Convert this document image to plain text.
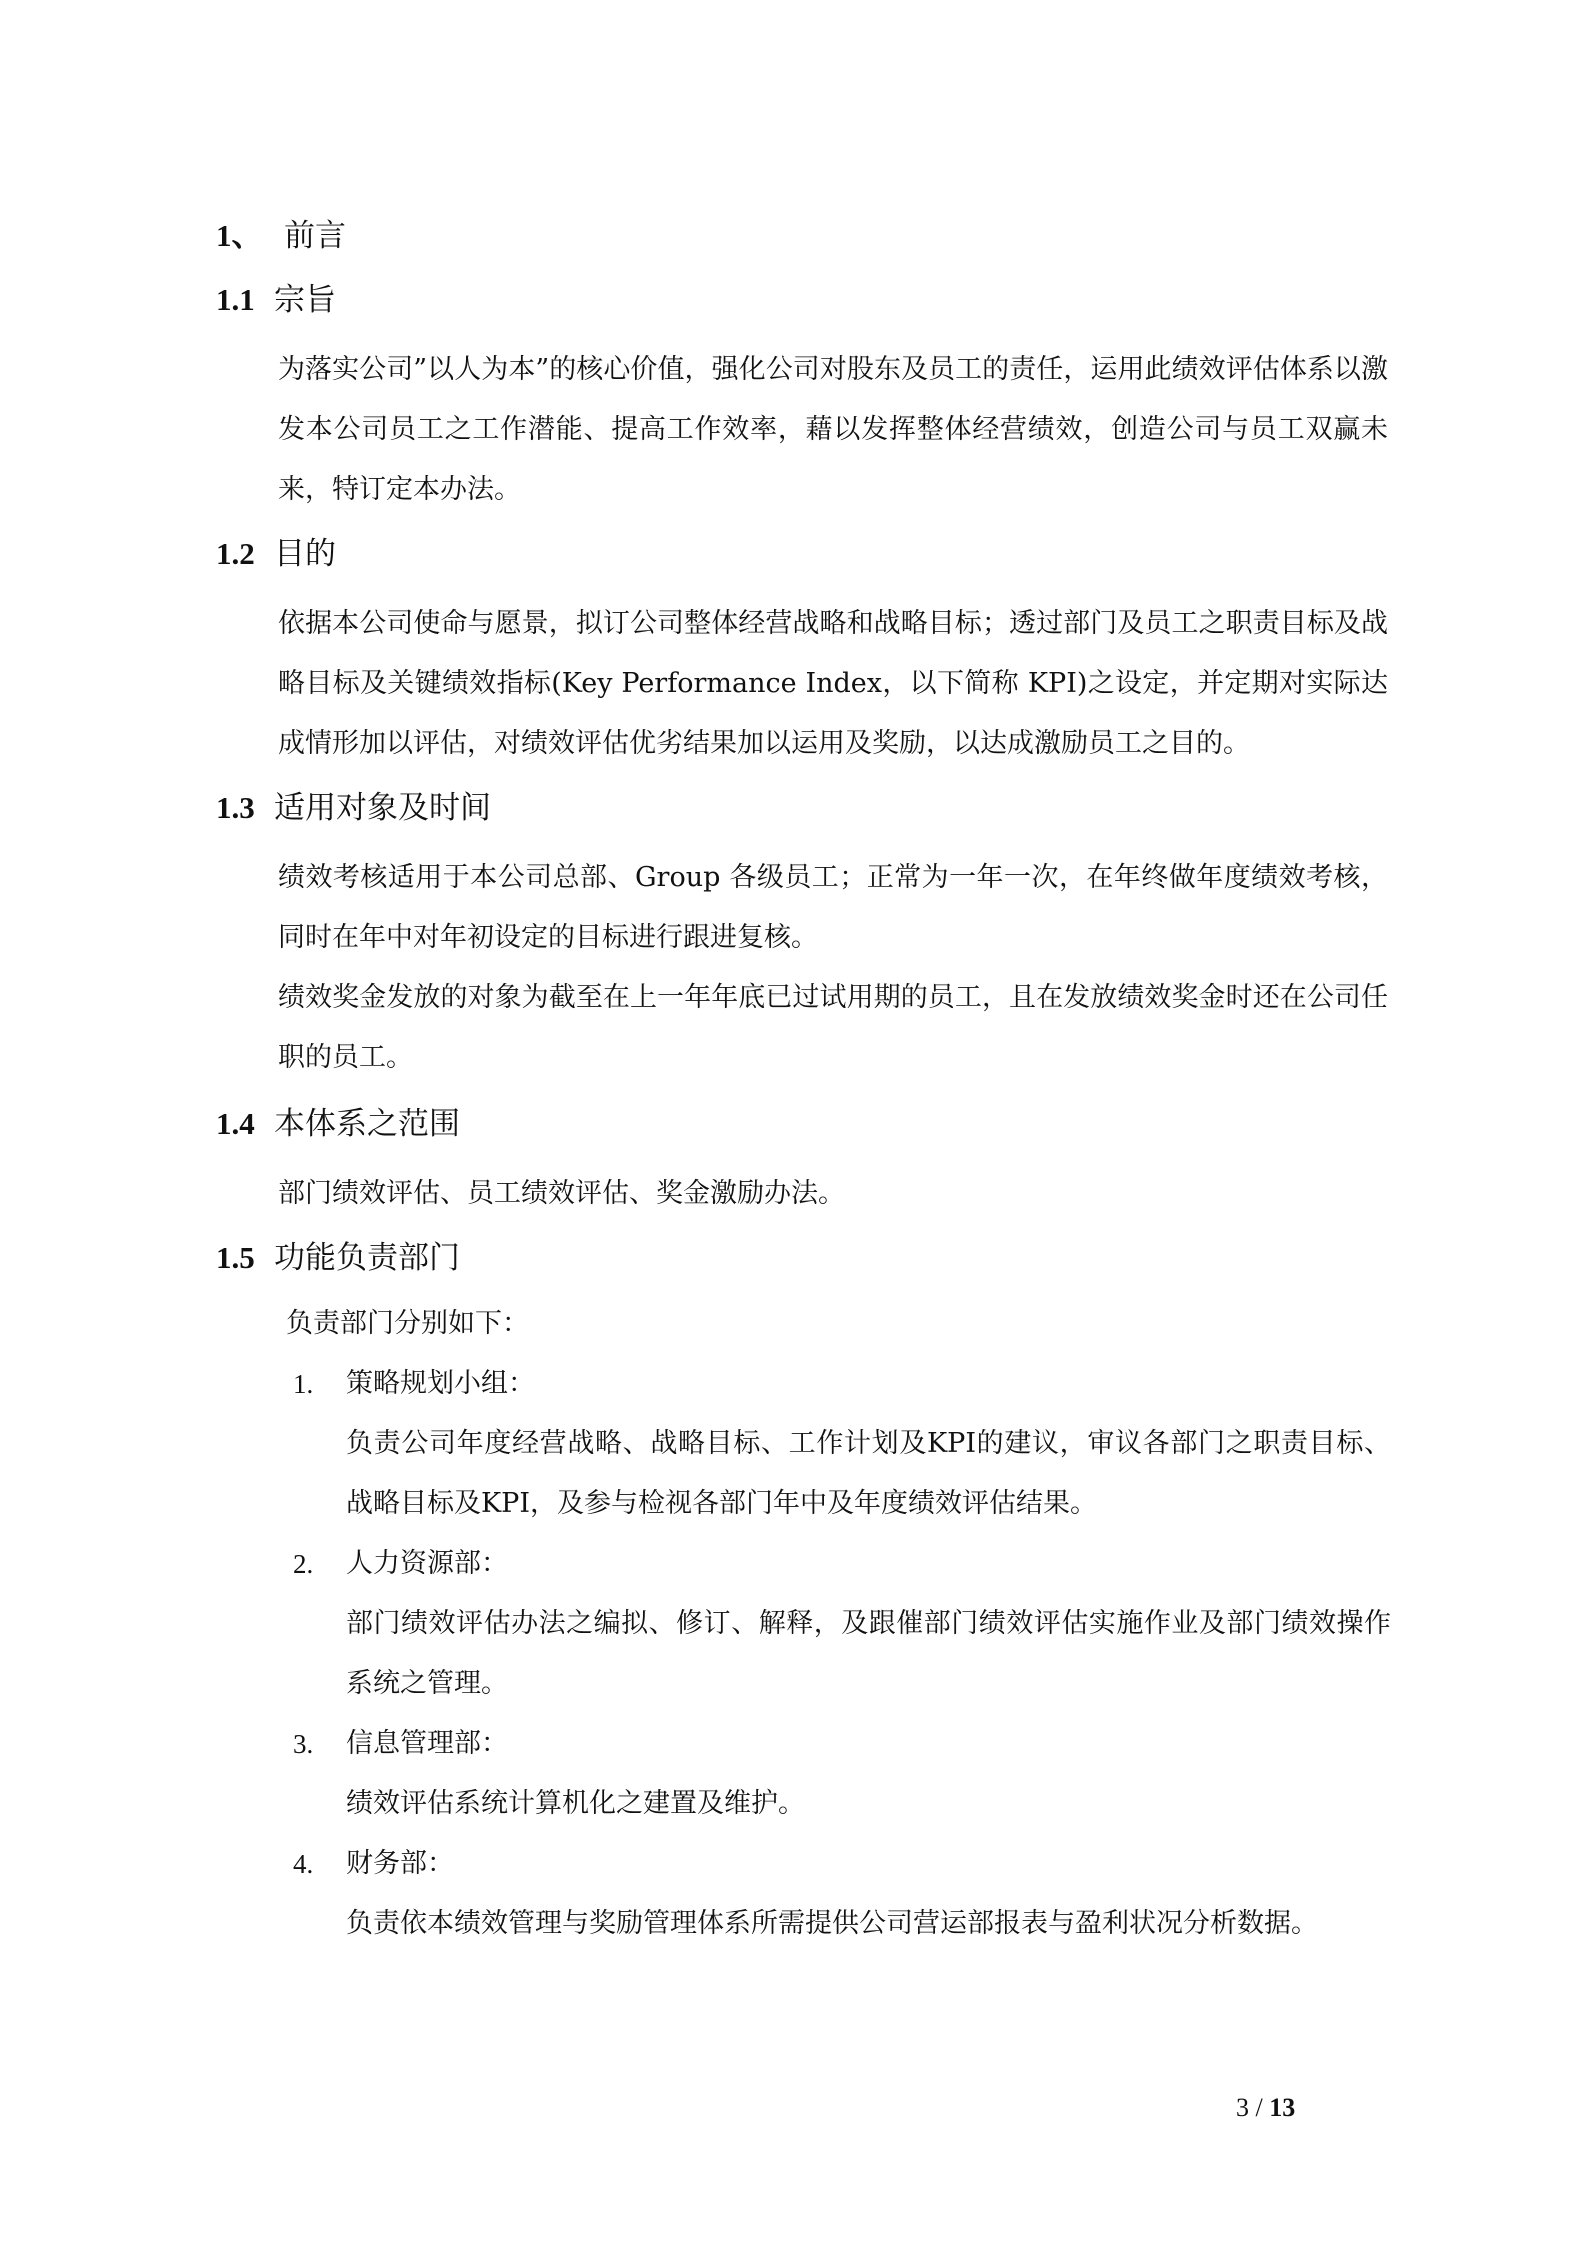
1、 前言
1.1 宗旨
为落实公司”以人为本”的核心价值，强化公司对股东及员工的责任，运用此绩效评估体系以激发本公司员工之工作潜能、提高工作效率，藉以发挥整体经营绩效，创造公司与员工双赢未来，特订定本办法。
1.2 目的
依据本公司使命与愿景，拟订公司整体经营战略和战略目标；透过部门及员工之职责目标及战略目标及关键绩效指标(Key Performance Index，以下简称 KPI)之设定，并定期对实际达成情形加以评估，对绩效评估优劣结果加以运用及奖励，以达成激励员工之目的。
1.3 适用对象及时间
绩效考核适用于本公司总部、Group 各级员工；正常为一年一次，在年终做年度绩效考核，同时在年中对年初设定的目标进行跟进复核。
绩效奖金发放的对象为截至在上一年年底已过试用期的员工，且在发放绩效奖金时还在公司任职的员工。
1.4 本体系之范围
部门绩效评估、员工绩效评估、奖金激励办法。
1.5 功能负责部门
负责部门分别如下：
1. 策略规划小组：
负责公司年度经营战略、战略目标、工作计划及KPI的建议，审议各部门之职责目标、战略目标及KPI，及参与检视各部门年中及年度绩效评估结果。
2. 人力资源部：
部门绩效评估办法之编拟、修订、解释，及跟催部门绩效评估实施作业及部门绩效操作系统之管理。
3. 信息管理部：
绩效评估系统计算机化之建置及维护。
4. 财务部：
负责依本绩效管理与奖励管理体系所需提供公司营运部报表与盈利状况分析数据。
3 / 13
